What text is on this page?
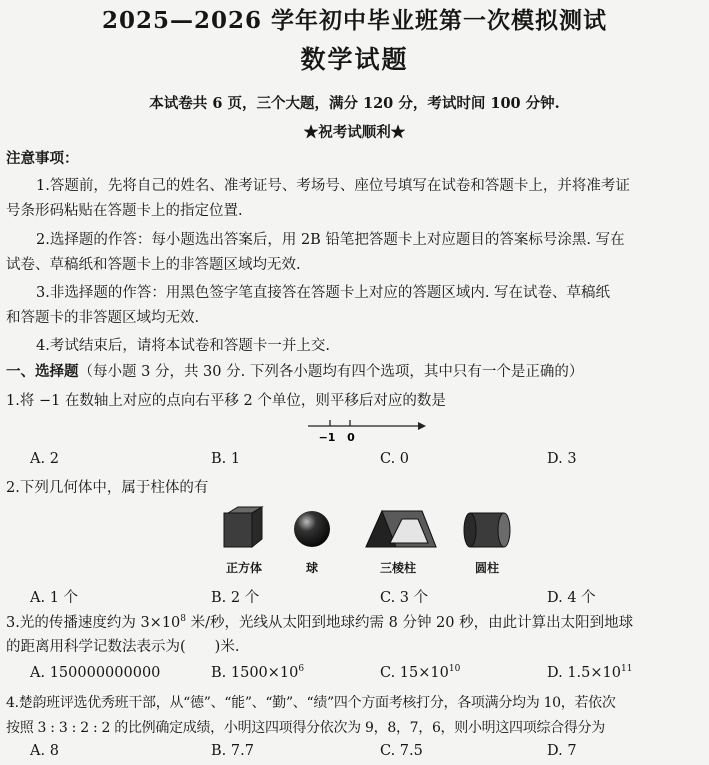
2025—2026 学年初中毕业班第一次模拟测试
数学试题
本试卷共 6 页，三个大题，满分 120 分，考试时间 100 分钟.
★祝考试顺利★
注意事项：
1.答题前，先将自己的姓名、准考证号、考场号、座位号填写在试卷和答题卡上，并将准考证
号条形码粘贴在答题卡上的指定位置.
2.选择题的作答：每小题选出答案后，用 2B 铅笔把答题卡上对应题目的答案标号涂黑. 写在
试卷、草稿纸和答题卡上的非答题区域均无效.
3.非选择题的作答：用黑色签字笔直接答在答题卡上对应的答题区域内. 写在试卷、草稿纸
和答题卡的非答题区域均无效.
4.考试结束后，请将本试卷和答题卡一并上交.
一、选择题（每小题 3 分，共 30 分. 下列各小题均有四个选项，其中只有一个是正确的）
1.将 −1 在数轴上对应的点向右平移 2 个单位，则平移后对应的数是
−1 0
A. 2	B. 1	C. 0	D. 3
2.下列几何体中，属于柱体的有
正方体	球	三棱柱	圆柱
A. 1 个	B. 2 个	C. 3 个	D. 4 个
3.光的传播速度约为 $3\times 10^8$ 米/秒，光线从太阳到地球约需 8 分钟 20 秒，由此计算出太阳到地球
的距离用科学记数法表示为(　　)米.
A. 150000000000	B. $1500\times 10^6$	C. $15\times 10^{10}$	D. $1.5\times 10^{11}$
4.楚韵班评选优秀班干部，从“德”、“能”、“勤”、“绩”四个方面考核打分，各项满分均为 10，若依次
按照 3 : 3 : 2 : 2 的比例确定成绩，小明这四项得分依次为 9，8，7，6，则小明这四项综合得分为
A. 8	B. 7.7	C. 7.5	D. 7
